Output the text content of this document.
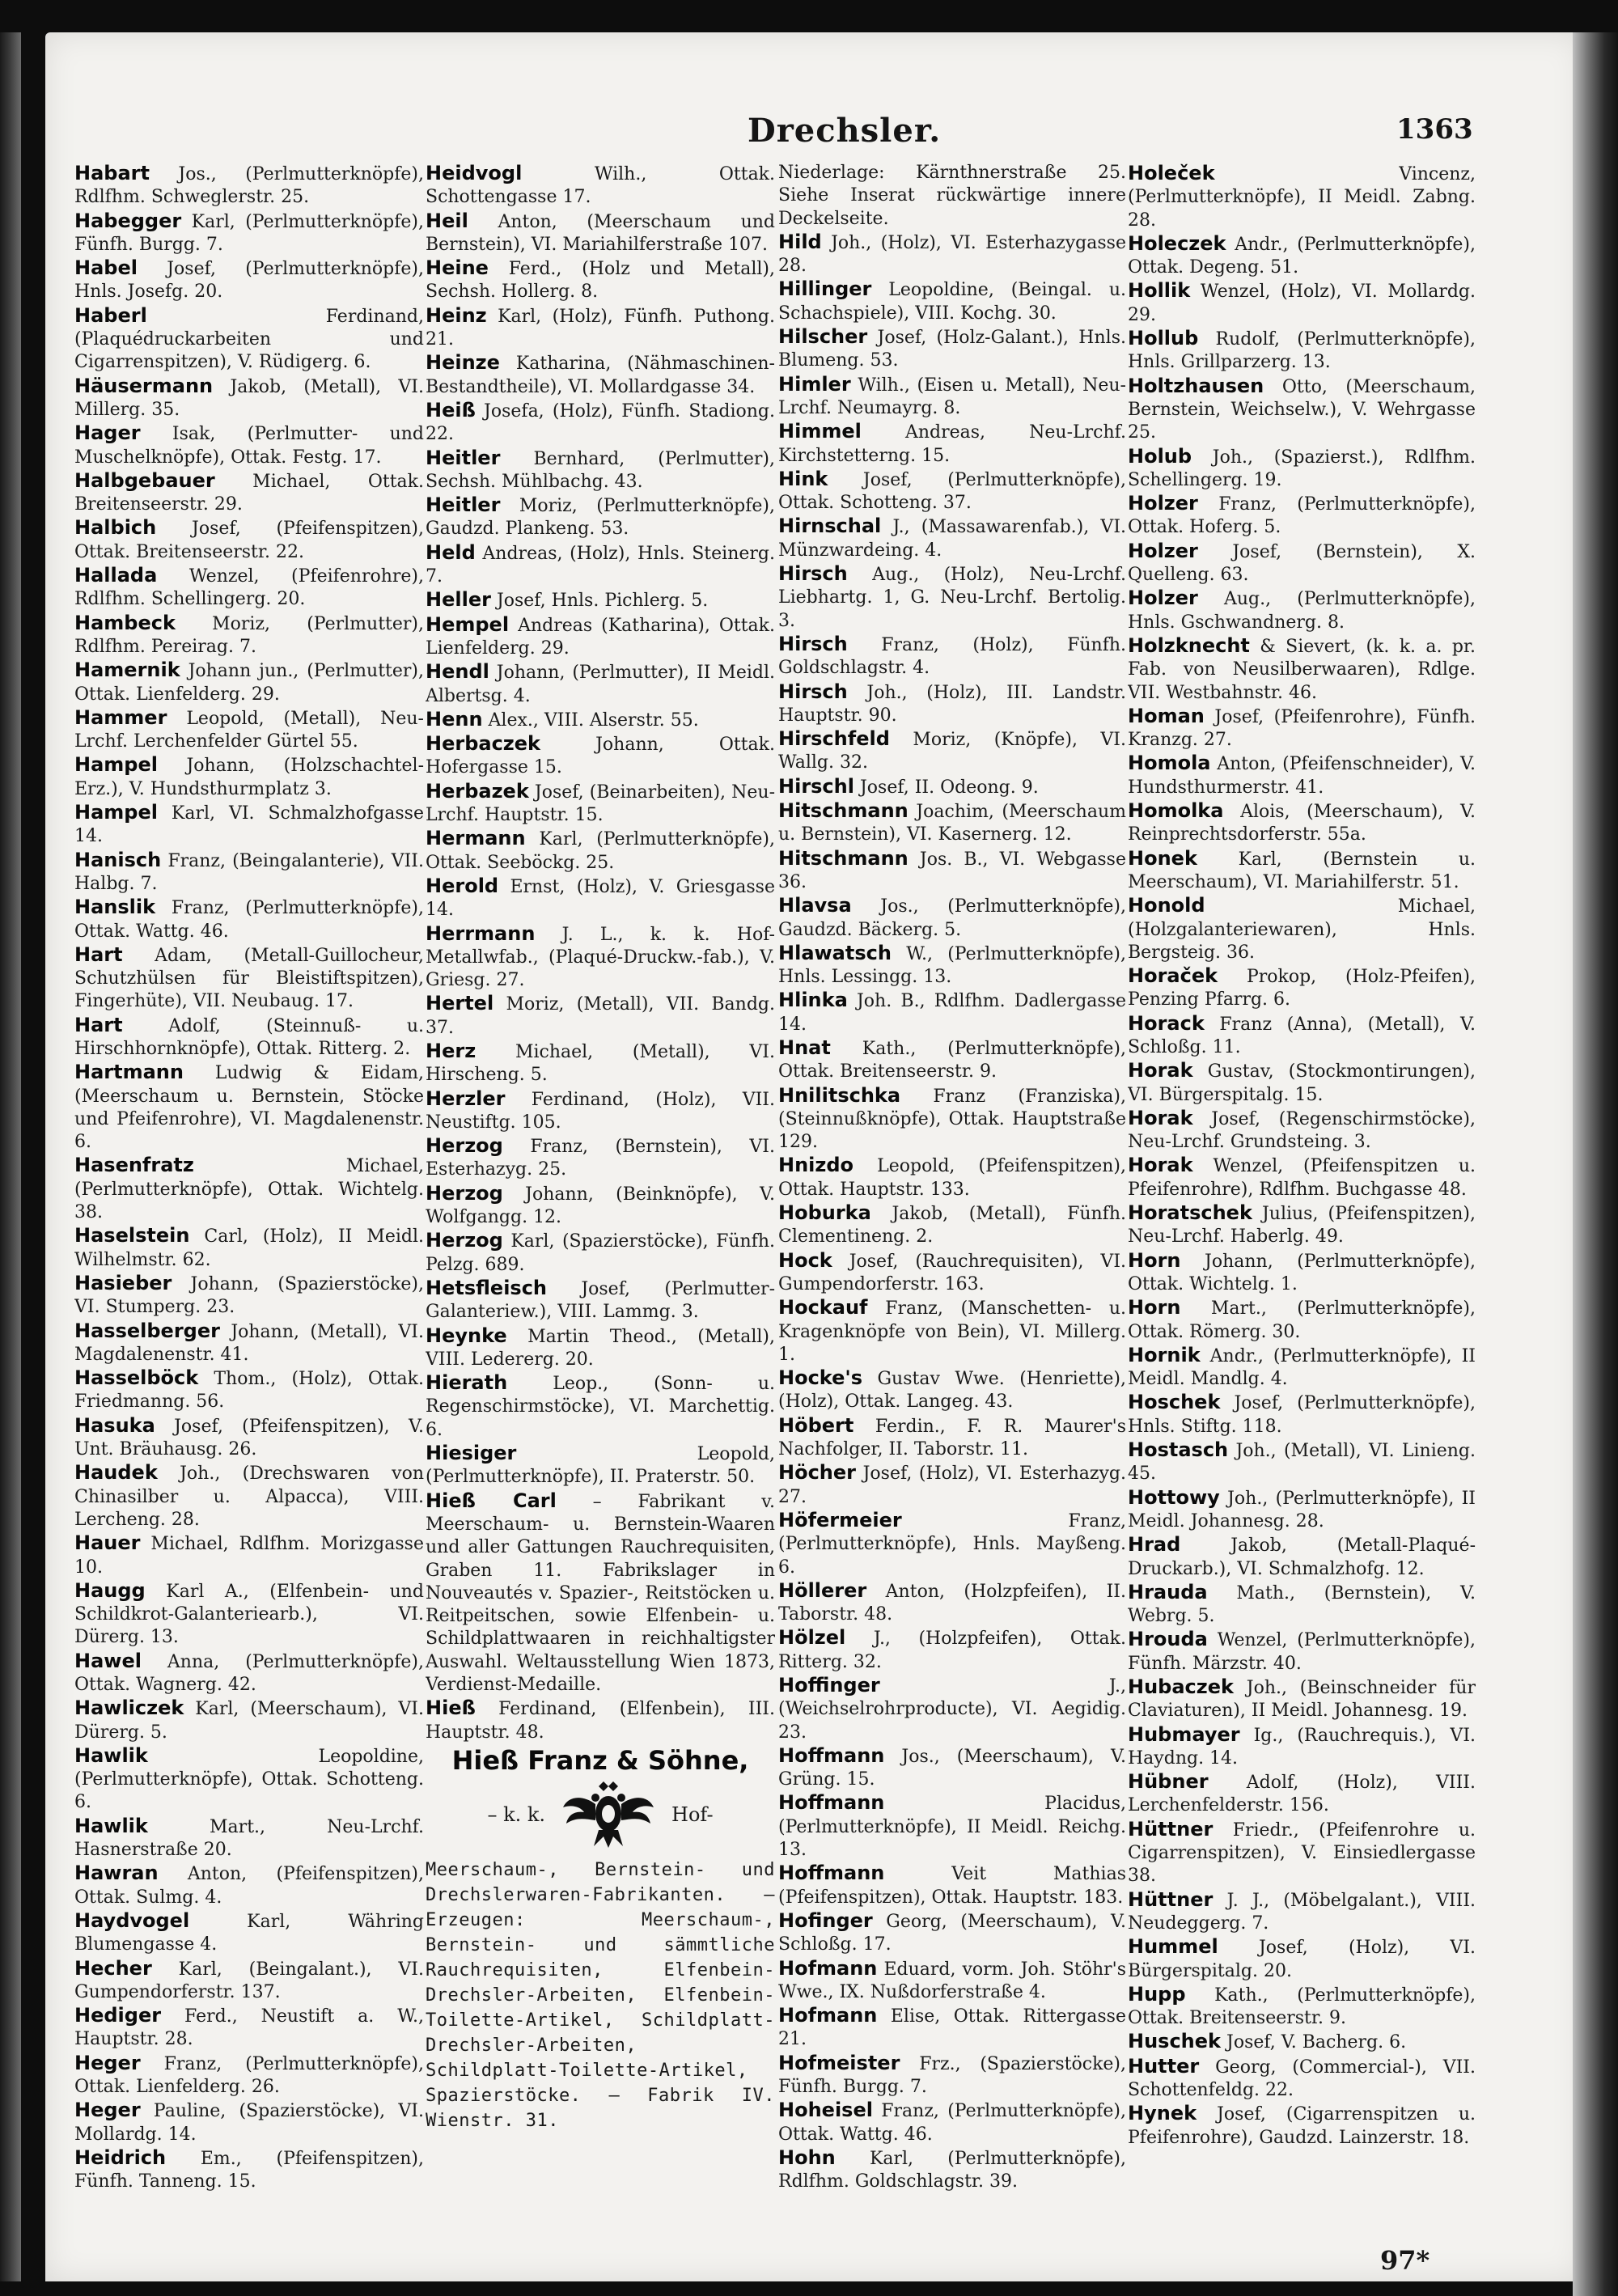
Drechsler.	1363

Habart Jos., (Perlmutterknöpfe), Rdlfhm. Schweglerstr. 25.

Habegger Karl, (Perlmutterknöpfe), Fünfh. Burgg. 7.

Habel Josef, (Perlmutterknöpfe), Hnls. Josefg. 20.

Haberl	Ferdinand, (Plaquédruckarbeiten und Cigarrenspitzen), V. Rüdigerg. 6.

Häusermann Jakob, (Metall), VI. Millerg. 35.

Hager Isak, (Perlmutter- und Muschelknöpfe), Ottak. Festg. 17.

Halbgebauer Michael, Ottak. Breitenseerstr. 29.

Halbich Josef, (Pfeifenspitzen), Ottak. Breitenseerstr. 22.

Hallada Wenzel, (Pfeifenrohre), Rdlfhm. Schellingerg. 20.

Hambeck Moriz, (Perlmutter), Rdlfhm. Pereirag. 7.

Hamernik Johann jun., (Perlmutter), Ottak. Lienfelderg. 29.

Hammer Leopold, (Metall), Neu-Lrchf. Lerchenfelder Gürtel 55.

Hampel Johann, (Holzschachtel-Erz.), V. Hundsthurmplatz 3.

Hampel Karl, VI. Schmalzhofgasse 14.

Hanisch Franz, (Beingalanterie), VII. Halbg. 7.

Hanslik Franz, (Perlmutterknöpfe), Ottak. Wattg. 46.

Hart Adam, (Metall-Guillocheur, Schutzhülsen für Bleistiftspitzen), Fingerhüte), VII. Neubaug. 17.

Hart	Adolf, (Steinnuß- u. Hirschhornknöpfe), Ottak. Ritterg. 2.

Hartmann Ludwig & Eidam, (Meerschaum u. Bernstein, Stöcke und Pfeifenrohre), VI. Magdalenenstr. 6.

Hasenfratz	Michael, (Perlmutterknöpfe), Ottak. Wichtelg. 38.

Haselstein Carl, (Holz), II Meidl. Wilhelmstr. 62.

Hasieber Johann, (Spazierstöcke), VI. Stumperg. 23.

Hasselberger Johann, (Metall), VI. Magdalenenstr. 41.

Hasselböck Thom., (Holz), Ottak. Friedmanng. 56.

Hasuka Josef, (Pfeifenspitzen), V. Unt. Bräuhausg. 26.

Haudek Joh., (Drechswaren von Chinasilber u. Alpacca), VIII. Lercheng. 28.

Hauer Michael, Rdlfhm. Morizgasse 10.

Haugg Karl A., (Elfenbein- und Schildkrot-Galanteriearb.), VI. Dürerg. 13.

Hawel Anna, (Perlmutterknöpfe), Ottak. Wagnerg. 42.

Hawliczek Karl, (Meerschaum), VI. Dürerg. 5.

Hawlik	Leopoldine, (Perlmutterknöpfe), Ottak. Schotteng. 6.

Hawlik	Mart., Neu-Lrchf. Hasnerstraße 20.

Hawran Anton, (Pfeifenspitzen), Ottak. Sulmg. 4.

Haydvogel	Karl, Währing Blumengasse 4.

Hecher Karl, (Beingalant.), VI. Gumpendorferstr. 137.

Hediger Ferd., Neustift a. W., Hauptstr. 28.

Heger Franz, (Perlmutterknöpfe), Ottak. Lienfelderg. 26.

Heger Pauline, (Spazierstöcke), VI. Mollardg. 14.

Heidrich Em., (Pfeifenspitzen), Fünfh. Tanneng. 15.

Heidvogl	Wilh., Ottak. Schottengasse 17.

Heil Anton, (Meerschaum und Bernstein), VI. Mariahilferstraße 107.

Heine Ferd., (Holz und Metall), Sechsh. Hollerg. 8.

Heinz Karl, (Holz), Fünfh. Puthong. 21.

Heinze Katharina, (Nähmaschinen-Bestandtheile), VI. Mollardgasse 34.

Heiß Josefa, (Holz), Fünfh. Stadiong. 22.

Heitler Bernhard, (Perlmutter), Sechsh. Mühlbachg. 43.

Heitler Moriz, (Perlmutterknöpfe), Gaudzd. Plankeng. 53.

Held Andreas, (Holz), Hnls. Steinerg. 7.

Heller Josef, Hnls. Pichlerg. 5.

Hempel Andreas (Katharina), Ottak. Lienfelderg. 29.

Hendl Johann, (Perlmutter), II Meidl. Albertsg. 4.

Henn Alex., VIII. Alserstr. 55.

Herbaczek	Johann, Ottak. Hofergasse 15.

Herbazek Josef, (Beinarbeiten), Neu-Lrchf. Hauptstr. 15.

Hermann Karl, (Perlmutterknöpfe), Ottak. Seeböckg. 25.

Herold Ernst, (Holz), V. Griesgasse 14.

Herrmann J. L., k. k. Hof-Metallwfab., (Plaqué-Druckw.-fab.), V. Griesg. 27.

Hertel Moriz, (Metall), VII. Bandg. 37.

Herz Michael, (Metall), VI. Hirscheng. 5.

Herzler Ferdinand, (Holz), VII. Neustiftg. 105.

Herzog Franz, (Bernstein), VI. Esterhazyg. 25.

Herzog Johann, (Beinknöpfe), V. Wolfgangg. 12.

Herzog Karl, (Spazierstöcke), Fünfh. Pelzg. 689.

Hetsfleisch Josef, (Perlmutter-Galanteriew.), VIII. Lammg. 3.

Heynke Martin Theod., (Metall), VIII. Ledererg. 20.

Hierath	Leop., (Sonn- u. Regenschirmstöcke), VI. Marchettig. 6.

Hiesiger	Leopold, (Perlmutterknöpfe), II. Praterstr. 50.

Hieß Carl – Fabrikant v. Meerschaum- u. Bernstein-Waaren und aller Gattungen Rauchrequisiten, Graben 11. Fabrikslager in Nouveautés v. Spazier-, Reitstöcken u. Reitpeitschen, sowie Elfenbein- u. Schildplattwaaren in reichhaltigster Auswahl. Weltausstellung Wien 1873, Verdienst-Medaille.

Hieß Ferdinand, (Elfenbein), III. Hauptstr. 48.

Hieß Franz & Söhne,
– k. k.	Hof-
Meerschaum-, Bernstein- und Drechslerwaren-Fabrikanten. – Erzeugen: Meerschaum-, Bernstein- und sämmtliche Rauchrequisiten, Elfenbein-Drechsler-Arbeiten, Elfenbein-Toilette-Artikel, Schildplatt-Drechsler-Arbeiten, Schildplatt-Toilette-Artikel, Spazierstöcke. – Fabrik IV. Wienstr. 31.

Niederlage: Kärnthnerstraße 25. Siehe Inserat rückwärtige innere Deckelseite.

Hild Joh., (Holz), VI. Esterhazygasse 28.

Hillinger Leopoldine, (Beingal. u. Schachspiele), VIII. Kochg. 30.

Hilscher Josef, (Holz-Galant.), Hnls. Blumeng. 53.

Himler Wilh., (Eisen u. Metall), Neu-Lrchf. Neumayrg. 8.

Himmel Andreas, Neu-Lrchf. Kirchstetterng. 15.

Hink Josef, (Perlmutterknöpfe), Ottak. Schotteng. 37.

Hirnschal J., (Massawarenfab.), VI. Münzwardeing. 4.

Hirsch Aug., (Holz), Neu-Lrchf. Liebhartg. 1, G. Neu-Lrchf. Bertolig. 3.

Hirsch Franz, (Holz), Fünfh. Goldschlagstr. 4.

Hirsch Joh., (Holz), III. Landstr. Hauptstr. 90.

Hirschfeld Moriz, (Knöpfe), VI. Wallg. 32.

Hirschl Josef, II. Odeong. 9.

Hitschmann Joachim, (Meerschaum u. Bernstein), VI. Kasernerg. 12.

Hitschmann Jos. B., VI. Webgasse 36.

Hlavsa Jos., (Perlmutterknöpfe), Gaudzd. Bäckerg. 5.

Hlawatsch W., (Perlmutterknöpfe), Hnls. Lessingg. 13.

Hlinka Joh. B., Rdlfhm. Dadlergasse 14.

Hnat Kath., (Perlmutterknöpfe), Ottak. Breitenseerstr. 9.

Hnilitschka Franz (Franziska), (Steinnußknöpfe), Ottak. Hauptstraße 129.

Hnizdo Leopold, (Pfeifenspitzen), Ottak. Hauptstr. 133.

Hoburka Jakob, (Metall), Fünfh. Clementineng. 2.

Hock Josef, (Rauchrequisiten), VI. Gumpendorferstr. 163.

Hockauf Franz, (Manschetten- u. Kragenknöpfe von Bein), VI. Millerg. 1.

Hocke's Gustav Wwe. (Henriette), (Holz), Ottak. Langeg. 43.

Höbert Ferdin., F. R. Maurer's Nachfolger, II. Taborstr. 11.

Höcher Josef, (Holz), VI. Esterhazyg. 27.

Höfermeier	Franz, (Perlmutterknöpfe), Hnls. Mayßeng. 6.

Höllerer Anton, (Holzpfeifen), II. Taborstr. 48.

Hölzel J., (Holzpfeifen), Ottak. Ritterg. 32.

Hoffinger	J., (Weichselrohrproducte), VI. Aegidig. 23.

Hoffmann Jos., (Meerschaum), V. Grüng. 15.

Hoffmann	Placidus, (Perlmutterknöpfe), II Meidl. Reichg. 13.

Hoffmann	Veit Mathias (Pfeifenspitzen), Ottak. Hauptstr. 183.

Hofinger Georg, (Meerschaum), V. Schloßg. 17.

Hofmann Eduard, vorm. Joh. Stöhr's Wwe., IX. Nußdorferstraße 4.

Hofmann Elise, Ottak. Rittergasse 21.

Hofmeister Frz., (Spazierstöcke), Fünfh. Burgg. 7.

Hoheisel Franz, (Perlmutterknöpfe), Ottak. Wattg. 46.

Hohn Karl, (Perlmutterknöpfe), Rdlfhm. Goldschlagstr. 39.

Holeček	Vincenz, (Perlmutterknöpfe), II Meidl. Zabng. 28.

Holeczek Andr., (Perlmutterknöpfe), Ottak. Degeng. 51.

Hollik Wenzel, (Holz), VI. Mollardg. 29.

Hollub Rudolf, (Perlmutterknöpfe), Hnls. Grillparzerg. 13.

Holtzhausen Otto, (Meerschaum, Bernstein, Weichselw.), V. Wehrgasse 25.

Holub Joh., (Spazierst.), Rdlfhm. Schellingerg. 19.

Holzer Franz, (Perlmutterknöpfe), Ottak. Hoferg. 5.

Holzer Josef, (Bernstein), X. Quelleng. 63.

Holzer Aug., (Perlmutterknöpfe), Hnls. Gschwandnerg. 8.

Holzknecht & Sievert, (k. k. a. pr. Fab. von Neusilberwaaren), Rdlge. VII. Westbahnstr. 46.

Homan Josef, (Pfeifenrohre), Fünfh. Kranzg. 27.

Homola Anton, (Pfeifenschneider), V. Hundsthurmerstr. 41.

Homolka Alois, (Meerschaum), V. Reinprechtsdorferstr. 55a.

Honek Karl, (Bernstein u. Meerschaum), VI. Mariahilferstr. 51.

Honold	Michael, (Holzgalanteriewaren), Hnls. Bergsteig. 36.

Horaček Prokop, (Holz-Pfeifen), Penzing Pfarrg. 6.

Horack Franz (Anna), (Metall), V. Schloßg. 11.

Horak Gustav, (Stockmontirungen), VI. Bürgerspitalg. 15.

Horak Josef, (Regenschirmstöcke), Neu-Lrchf. Grundsteing. 3.

Horak Wenzel, (Pfeifenspitzen u. Pfeifenrohre), Rdlfhm. Buchgasse 48.

Horatschek Julius, (Pfeifenspitzen), Neu-Lrchf. Haberlg. 49.

Horn Johann, (Perlmutterknöpfe), Ottak. Wichtelg. 1.

Horn Mart., (Perlmutterknöpfe), Ottak. Römerg. 30.

Hornik Andr., (Perlmutterknöpfe), II Meidl. Mandlg. 4.

Hoschek Josef, (Perlmutterknöpfe), Hnls. Stiftg. 118.

Hostasch Joh., (Metall), VI. Linieng. 45.

Hottowy Joh., (Perlmutterknöpfe), II Meidl. Johannesg. 28.

Hrad	Jakob, (Metall-Plaqué-Druckarb.), VI. Schmalzhofg. 12.

Hrauda Math., (Bernstein), V. Webrg. 5.

Hrouda Wenzel, (Perlmutterknöpfe), Fünfh. Märzstr. 40.

Hubaczek Joh., (Beinschneider für Claviaturen), II Meidl. Johannesg. 19.

Hubmayer Ig., (Rauchrequis.), VI. Haydng. 14.

Hübner Adolf, (Holz), VIII. Lerchenfelderstr. 156.

Hüttner Friedr., (Pfeifenrohre u. Cigarrenspitzen), V. Einsiedlergasse 38.

Hüttner J. J., (Möbelgalant.), VIII. Neudeggerg. 7.

Hummel Josef, (Holz), VI. Bürgerspitalg. 20.

Hupp Kath., (Perlmutterknöpfe), Ottak. Breitenseerstr. 9.

Huschek Josef, V. Bacherg. 6.

Hutter Georg, (Commercial-), VII. Schottenfeldg. 22.

Hynek Josef, (Cigarrenspitzen u. Pfeifenrohre), Gaudzd. Lainzerstr. 18.

97*
